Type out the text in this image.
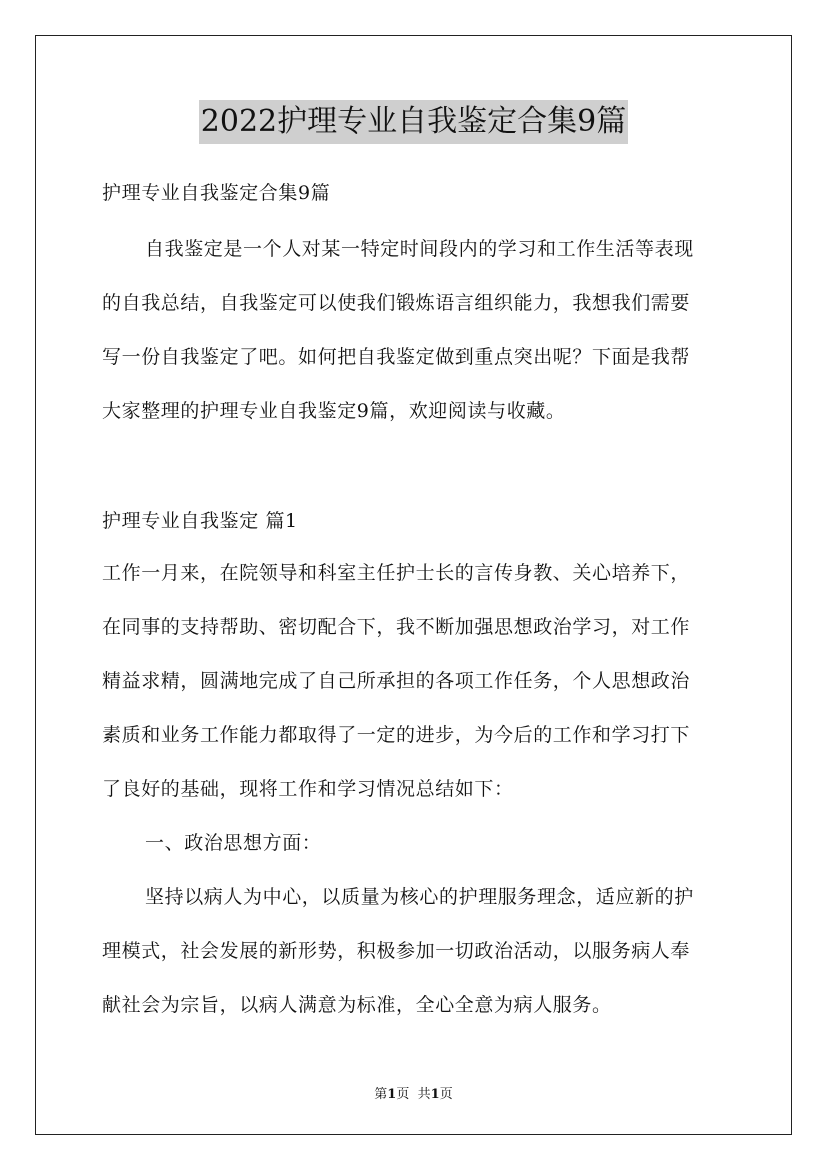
2022护理专业自我鉴定合集9篇
护理专业自我鉴定合集9篇
自我鉴定是一个人对某一特定时间段内的学习和工作生活等表现
的自我总结，自我鉴定可以使我们锻炼语言组织能力，我想我们需要
写一份自我鉴定了吧。如何把自我鉴定做到重点突出呢？下面是我帮
大家整理的护理专业自我鉴定9篇，欢迎阅读与收藏。
护理专业自我鉴定 篇1
工作一月来，在院领导和科室主任护士长的言传身教、关心培养下，
在同事的支持帮助、密切配合下，我不断加强思想政治学习，对工作
精益求精，圆满地完成了自己所承担的各项工作任务，个人思想政治
素质和业务工作能力都取得了一定的进步，为今后的工作和学习打下
了良好的基础，现将工作和学习情况总结如下：
一、政治思想方面：
坚持以病人为中心，以质量为核心的护理服务理念，适应新的护
理模式，社会发展的新形势，积极参加一切政治活动，以服务病人奉
献社会为宗旨，以病人满意为标准，全心全意为病人服务。
第1页 共1页
